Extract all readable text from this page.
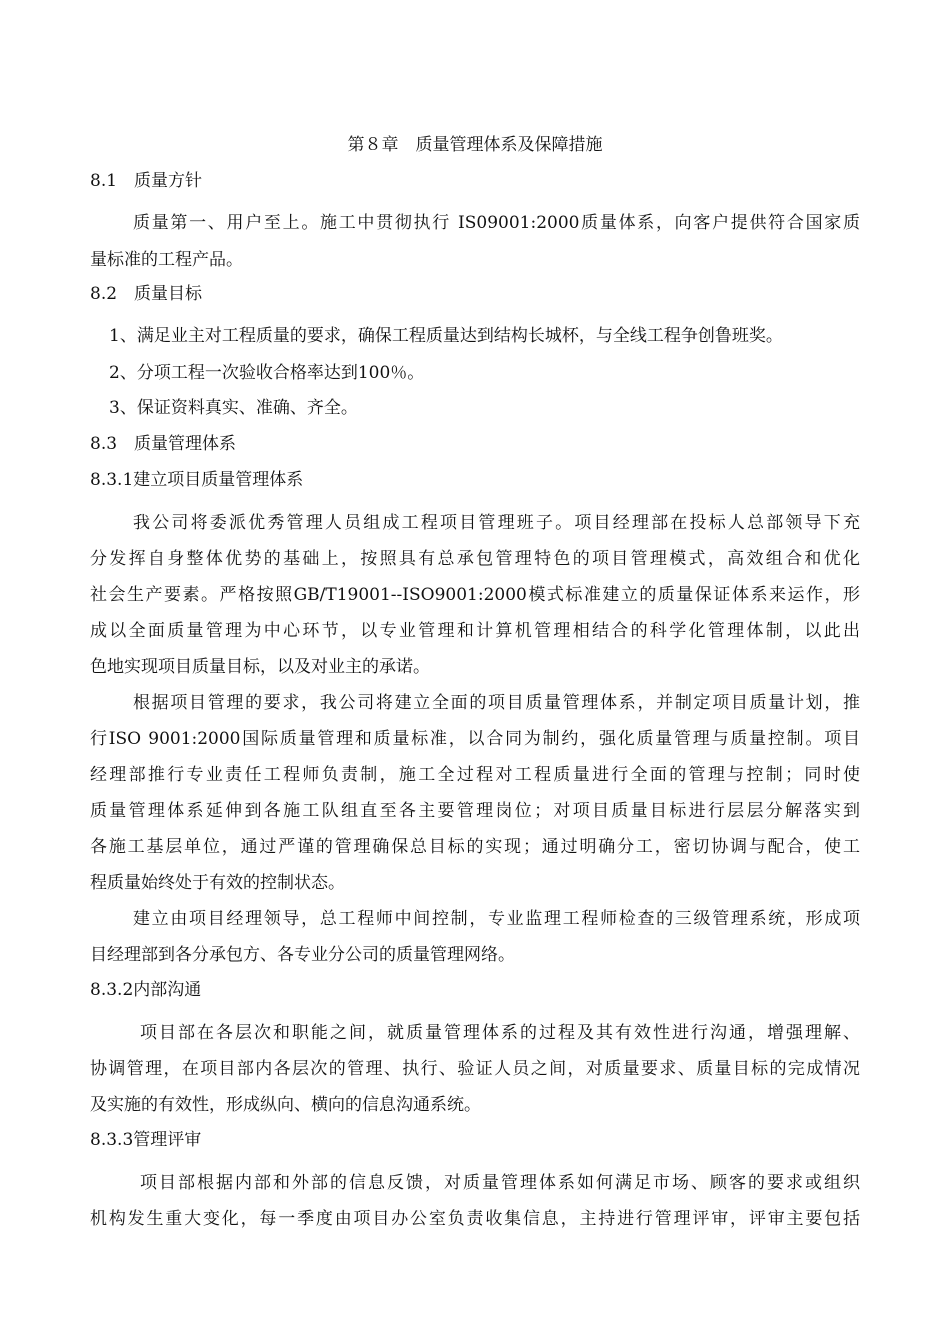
第８章　质量管理体系及保障措施
8.1　质量方针
质量第一、用户至上。施工中贯彻执行 IS09001:2000质量体系，向客户提供符合国家质
量标准的工程产品。
8.2　质量目标
1、满足业主对工程质量的要求，确保工程质量达到结构长城杯，与全线工程争创鲁班奖。
2、分项工程一次验收合格率达到100％。
3、保证资料真实、准确、齐全。
8.3　质量管理体系
8.3.1建立项目质量管理体系
我公司将委派优秀管理人员组成工程项目管理班子。项目经理部在投标人总部领导下充
分发挥自身整体优势的基础上，按照具有总承包管理特色的项目管理模式，高效组合和优化
社会生产要素。严格按照GB/T19001--ISO9001:2000模式标准建立的质量保证体系来运作，形
成以全面质量管理为中心环节，以专业管理和计算机管理相结合的科学化管理体制，以此出
色地实现项目质量目标，以及对业主的承诺。
根据项目管理的要求，我公司将建立全面的项目质量管理体系，并制定项目质量计划，推
行ISO 9001:2000国际质量管理和质量标准，以合同为制约，强化质量管理与质量控制。项目
经理部推行专业责任工程师负责制，施工全过程对工程质量进行全面的管理与控制；同时使
质量管理体系延伸到各施工队组直至各主要管理岗位；对项目质量目标进行层层分解落实到
各施工基层单位，通过严谨的管理确保总目标的实现；通过明确分工，密切协调与配合，使工
程质量始终处于有效的控制状态。
建立由项目经理领导，总工程师中间控制，专业监理工程师检查的三级管理系统，形成项
目经理部到各分承包方、各专业分公司的质量管理网络。
8.3.2内部沟通
项目部在各层次和职能之间，就质量管理体系的过程及其有效性进行沟通，增强理解、
协调管理，在项目部内各层次的管理、执行、验证人员之间，对质量要求、质量目标的完成情况
及实施的有效性，形成纵向、横向的信息沟通系统。
8.3.3管理评审
项目部根据内部和外部的信息反馈，对质量管理体系如何满足市场、顾客的要求或组织
机构发生重大变化，每一季度由项目办公室负责收集信息，主持进行管理评审，评审主要包括
